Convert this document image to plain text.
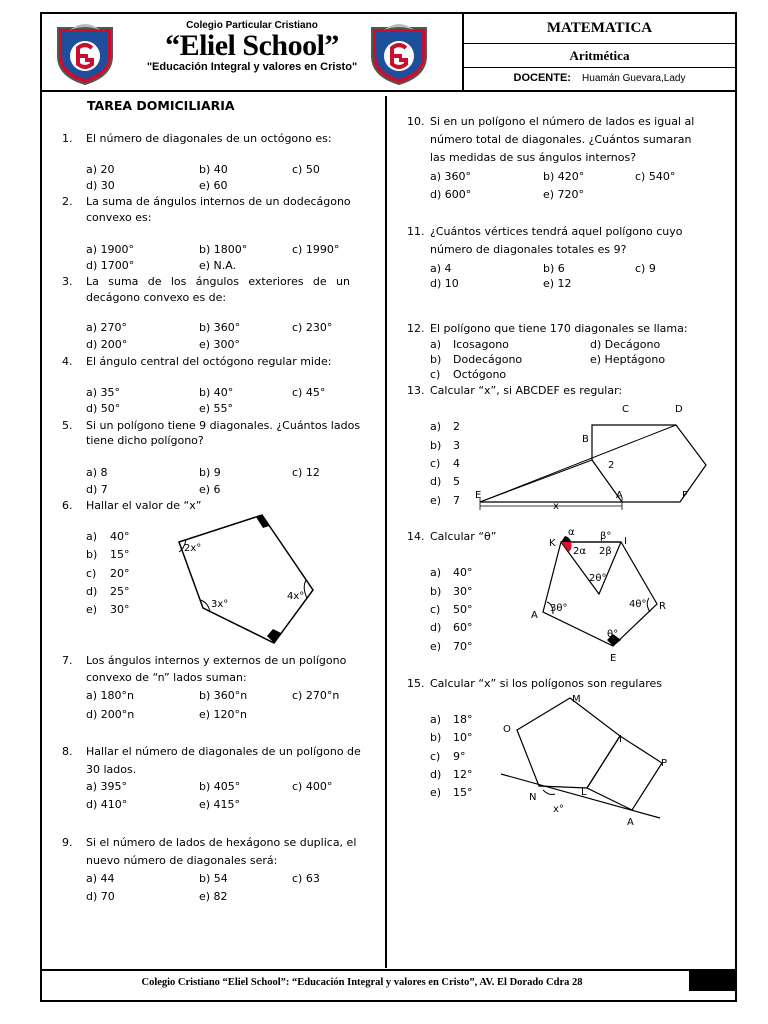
Colegio Particular Cristiano
“Eliel School”
"Educación Integral y valores en Cristo"
MATEMATICA
Aritmética
DOCENTE: Huamán Guevara,Lady
Colegio Cristiano “Eliel School”: “Educación Integral y valores en Cristo”, AV. El Dorado Cdra 28
TAREA DOMICILIARIA
1.	El número de diagonales de un octógono es:
a) 20	b) 40	c) 50
d) 30	e) 60
2. La suma de ángulos internos de un dodecágono
convexo es:
a) 1900°	b) 1800°	c) 1990°
d) 1700°	e) N.A.
3. La suma de los ángulos exteriores de un
decágono convexo es de:
a) 270°	b) 360°	c) 230°
d) 200°	e) 300°
4. El ángulo central del octógono regular mide:
a) 35°	b) 40°	c) 45°
d) 50°	e) 55°
5. Si un polígono tiene 9 diagonales. ¿Cuántos lados
tiene dicho polígono?
a) 8	b) 9	c) 12
d) 7	e) 6
6. Hallar el valor de “x”
a) 40°
b) 15°
c) 20°
d) 25°
e) 30°
2x°
4x°
3x°
7. Los ángulos internos y externos de un polígono
convexo de “n” lados suman:
a) 180°n	b) 360°n	c) 270°n
d) 200°n	e) 120°n
8. Hallar el número de diagonales de un polígono de
30 lados.
a) 395°	b) 405°	c) 400°
d) 410°	e) 415°
9. Si el número de lados de hexágono se duplica, el
nuevo número de diagonales será:
a) 44	b) 54	c) 63
d) 70	e) 82
10. Si en un polígono el número de lados es igual al
número total de diagonales. ¿Cuántos sumaran
las medidas de sus ángulos internos?
a) 360°	b) 420°	c) 540°
d) 600°	e) 720°
11. ¿Cuántos vértices tendrá aquel polígono cuyo
número de diagonales totales es 9?
a) 4	b) 6	c) 9
d) 10	e) 12
12. El polígono que tiene 170 diagonales se llama:
a) Icosagono	d) Decágono
b) Dodecágono	e) Heptágono
c) Octógono
13. Calcular “x”, si ABCDEF es regular:
a) 2
b) 3
c) 4
d) 5
e) 7
C	D
B
2
E
x
A	F
14. Calcular “θ”
a) 40°
b) 30°
c) 50°
d) 60°
e) 70°
α	β°
K	I
2α 2β
2θ°
3θ°	4θ°
θ°
A
R
E
15. Calcular “x” si los polígonos son regulares
a) 18°
b) 10°
c) 9°
d) 12°
e) 15°
M
O
I
P
N	L
x°
A
